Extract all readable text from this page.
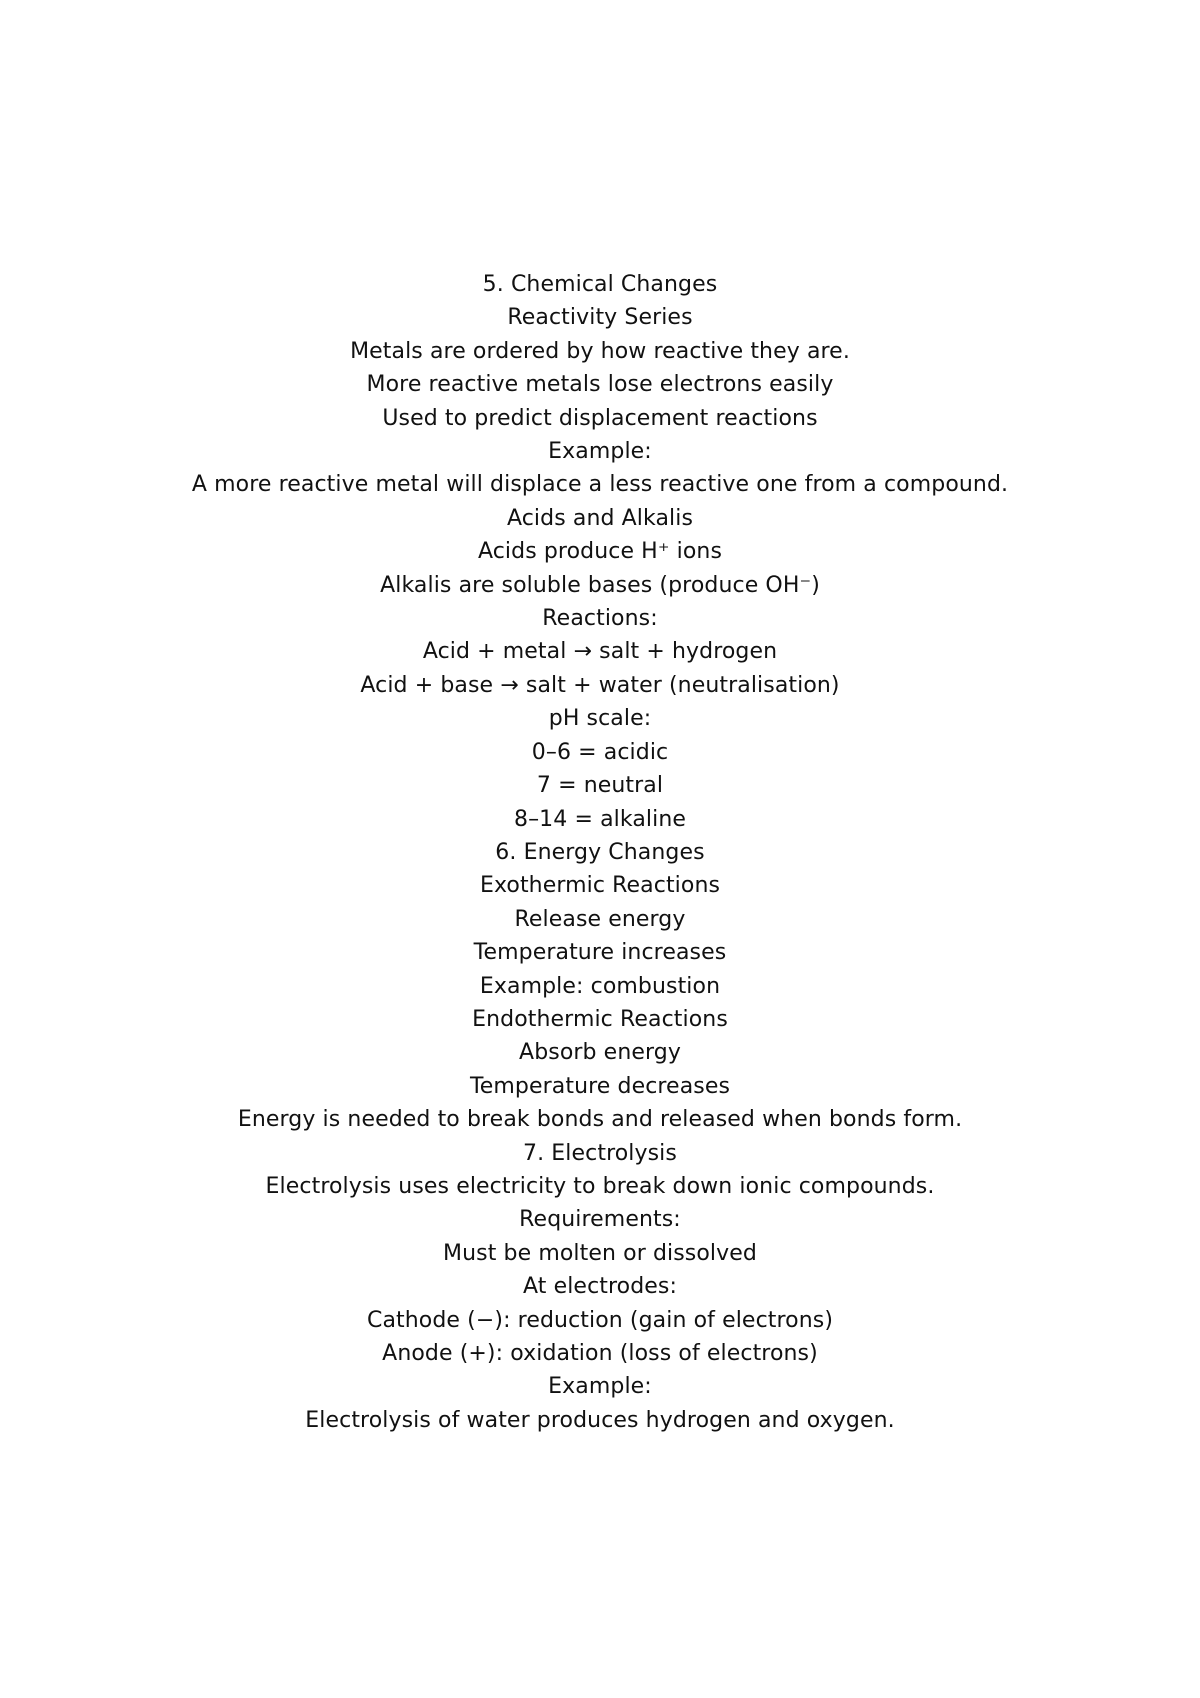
5. Chemical Changes

Reactivity Series

Metals are ordered by how reactive they are.

More reactive metals lose electrons easily

Used to predict displacement reactions

Example:

A more reactive metal will displace a less reactive one from a compound.

Acids and Alkalis

Acids produce H⁺ ions

Alkalis are soluble bases (produce OH⁻)

Reactions:

Acid + metal → salt + hydrogen

Acid + base → salt + water (neutralisation)

pH scale:

0–6 = acidic

7 = neutral

8–14 = alkaline

6. Energy Changes

Exothermic Reactions

Release energy

Temperature increases

Example: combustion

Endothermic Reactions

Absorb energy

Temperature decreases

Energy is needed to break bonds and released when bonds form.

7. Electrolysis

Electrolysis uses electricity to break down ionic compounds.

Requirements:

Must be molten or dissolved

At electrodes:

Cathode (−): reduction (gain of electrons)

Anode (+): oxidation (loss of electrons)

Example:

Electrolysis of water produces hydrogen and oxygen.
